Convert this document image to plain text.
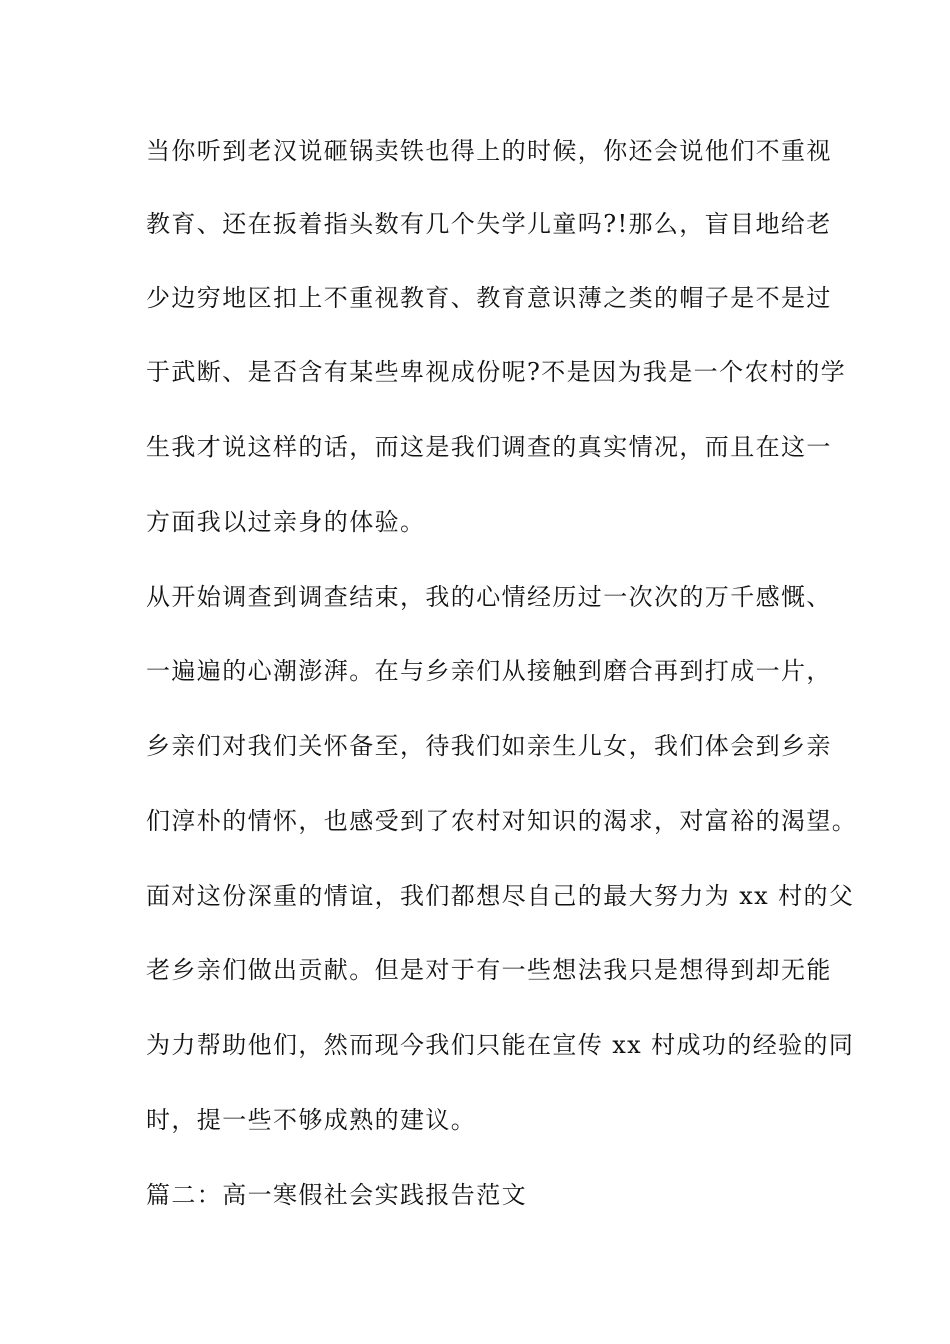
当你听到老汉说砸锅卖铁也得上的时候，你还会说他们不重视
教育、还在扳着指头数有几个失学儿童吗?!那么，盲目地给老
少边穷地区扣上不重视教育、教育意识薄之类的帽子是不是过
于武断、是否含有某些卑视成份呢?不是因为我是一个农村的学
生我才说这样的话，而这是我们调查的真实情况，而且在这一
方面我以过亲身的体验。
从开始调查到调查结束，我的心情经历过一次次的万千感慨、
一遍遍的心潮澎湃。在与乡亲们从接触到磨合再到打成一片，
乡亲们对我们关怀备至，待我们如亲生儿女，我们体会到乡亲
们淳朴的情怀，也感受到了农村对知识的渴求，对富裕的渴望。
面对这份深重的情谊，我们都想尽自己的最大努力为 xx 村的父
老乡亲们做出贡献。但是对于有一些想法我只是想得到却无能
为力帮助他们，然而现今我们只能在宣传 xx 村成功的经验的同
时，提一些不够成熟的建议。
篇二：高一寒假社会实践报告范文
